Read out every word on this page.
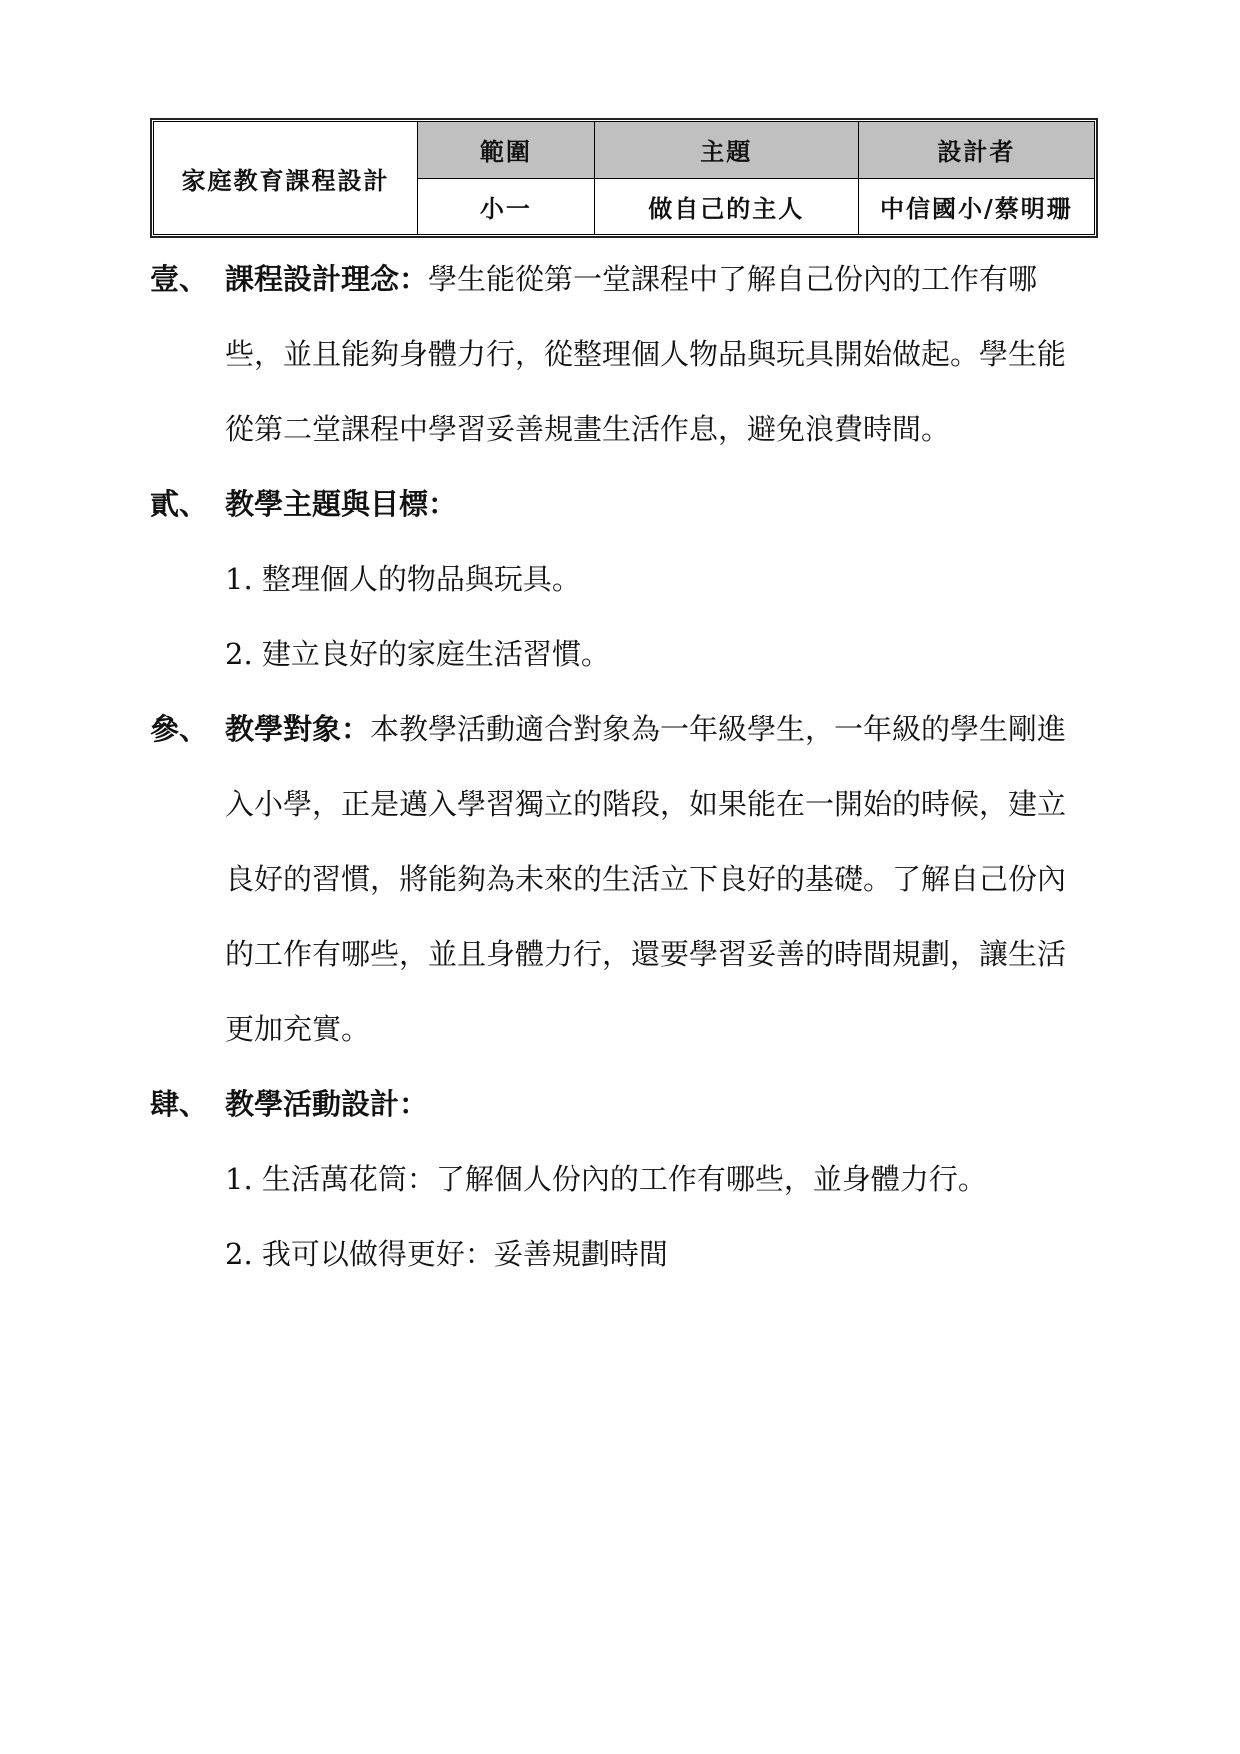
家庭教育課程設計	範圍	主題	設計者
	小一	做自己的主人	中信國小/蔡明珊
壹、 課程設計理念：學生能從第一堂課程中了解自己份內的工作有哪
些，並且能夠身體力行，從整理個人物品與玩具開始做起。學生能
從第二堂課程中學習妥善規畫生活作息，避免浪費時間。
貳、 教學主題與目標：
1. 整理個人的物品與玩具。
2. 建立良好的家庭生活習慣。
參、 教學對象：本教學活動適合對象為一年級學生，一年級的學生剛進
入小學，正是邁入學習獨立的階段，如果能在一開始的時候，建立
良好的習慣，將能夠為未來的生活立下良好的基礎。了解自己份內
的工作有哪些，並且身體力行，還要學習妥善的時間規劃，讓生活
更加充實。
肆、 教學活動設計：
1. 生活萬花筒：了解個人份內的工作有哪些，並身體力行。
2. 我可以做得更好：妥善規劃時間
